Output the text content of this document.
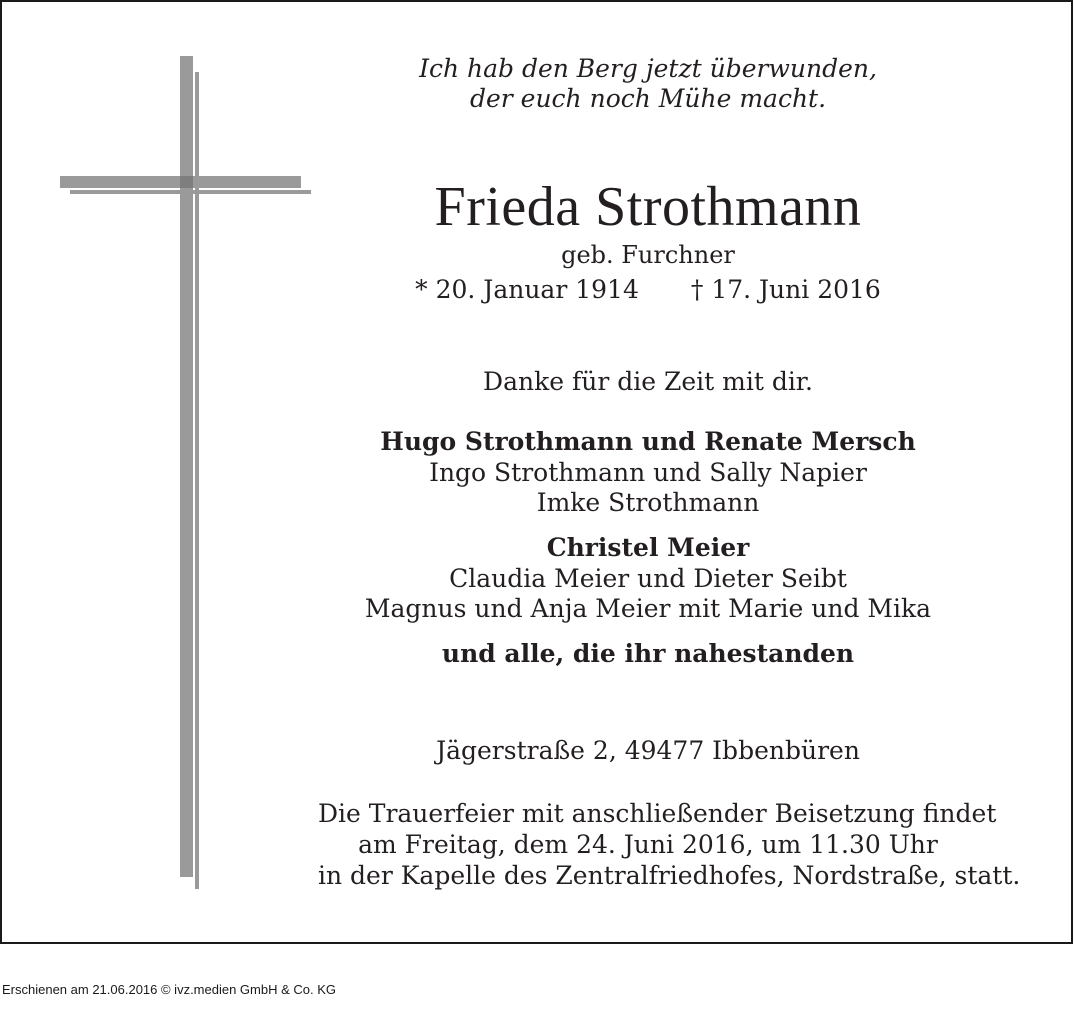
Ich hab den Berg jetzt überwunden,
der euch noch Mühe macht.
Frieda Strothmann
geb. Furchner
* 20. Januar 1914 † 17. Juni 2016
Danke für die Zeit mit dir.
Hugo Strothmann und Renate Mersch
Ingo Strothmann und Sally Napier
Imke Strothmann
Christel Meier
Claudia Meier und Dieter Seibt
Magnus und Anja Meier mit Marie und Mika
und alle, die ihr nahestanden
Jägerstraße 2, 49477 Ibbenbüren
Die Trauerfeier mit anschließender Beisetzung findet
am Freitag, dem 24. Juni 2016, um 11.30 Uhr
in der Kapelle des Zentralfriedhofes, Nordstraße, statt.
Erschienen am 21.06.2016 © ivz.medien GmbH & Co. KG
